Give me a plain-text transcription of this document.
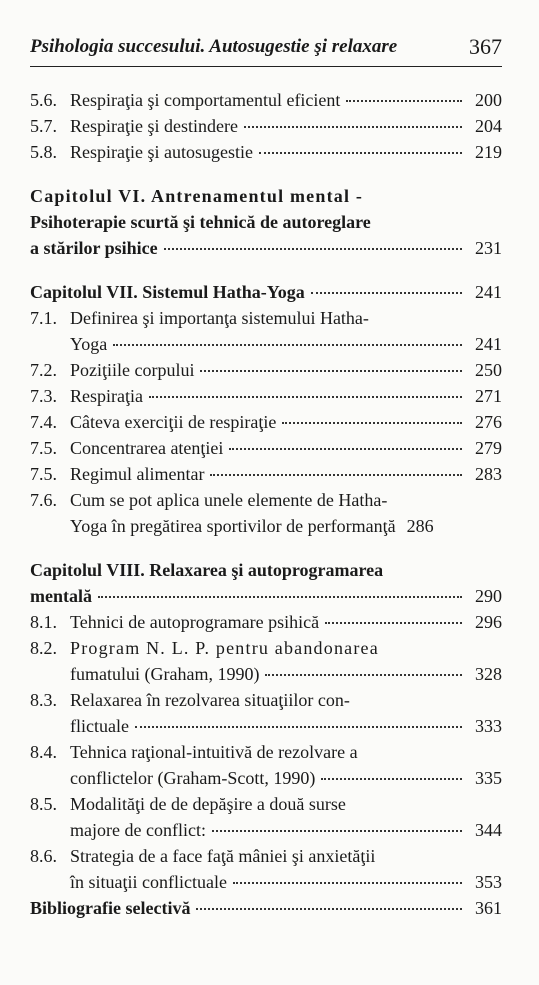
Psihologia succesului. Autosugestie şi relaxare	367
5.6. Respiraţia şi comportamentul eficient	200
5.7. Respiraţie şi destindere	204
5.8. Respiraţie şi autosugestie	219
Capitolul VI. Antrenamentul mental -
Psihoterapie scurtă şi tehnică de autoreglare
a stărilor psihice	231
Capitolul VII. Sistemul Hatha-Yoga	241
7.1. Definirea şi importanţa sistemului Hatha-
Yoga	241
7.2. Poziţiile corpului	250
7.3. Respiraţia	271
7.4. Câteva exerciţii de respiraţie	276
7.5. Concentrarea atenţiei	279
7.5. Regimul alimentar	283
7.6. Cum se pot aplica unele elemente de Hatha-
Yoga în pregătirea sportivilor de performanţă 286
Capitolul VIII. Relaxarea şi autoprogramarea
mentală	290
8.1. Tehnici de autoprogramare psihică	296
8.2. Program N. L. P. pentru abandonarea
fumatului (Graham, 1990)	328
8.3. Relaxarea în rezolvarea situaţiilor con-
flictuale	333
8.4. Tehnica raţional-intuitivă de rezolvare a
conflictelor (Graham-Scott, 1990)	335
8.5. Modalităţi de de depăşire a două surse
majore de conflict:	344
8.6. Strategia de a face faţă mâniei şi anxietăţii
în situaţii conflictuale	353
Bibliografie selectivă	361
